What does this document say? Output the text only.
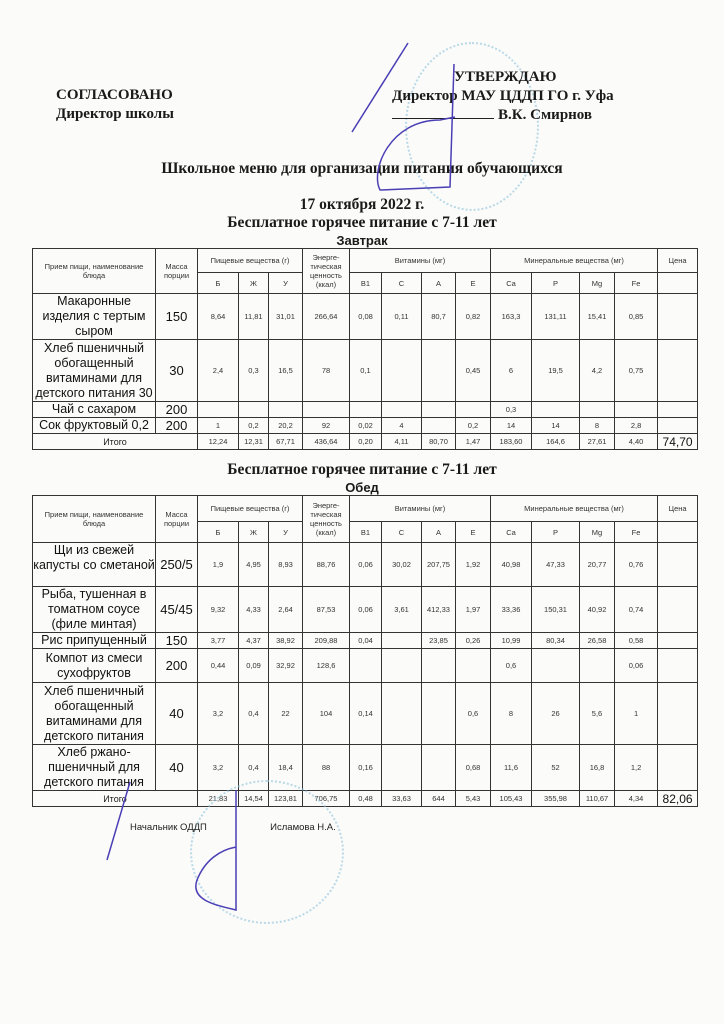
СОГЛАСОВАНО
Директор школы
УТВЕРЖДАЮ
Директор МАУ ЦДДП ГО г. Уфа
В.К. Смирнов
Школьное меню для организации питания обучающихся
17 октября 2022 г.
Бесплатное горячее питание с 7-11 лет
Завтрак
Прием пищи, наименование блюда	Масса порции	Пищевые вещества (г)			Энерге-тическая ценность (ккал)	Витамины (мг)				Минеральные вещества (мг)				Цена
		Б	Ж	У		B1	C	A	E	Ca	P	Mg	Fe	
Макаронные изделия с тертым сыром	150	8,64	11,81	31,01	266,64	0,08	0,11	80,7	0,82	163,3	131,11	15,41	0,85	
Хлеб пшеничный обогащенный витаминами для детского питания 30	30	2,4	0,3	16,5	78	0,1			0,45	6	19,5	4,2	0,75	
Чай с сахаром	200									0,3				
Сок фруктовый 0,2	200	1	0,2	20,2	92	0,02	4		0,2	14	14	8	2,8	
Итого		12,24	12,31	67,71	436,64	0,20	4,11	80,70	1,47	183,60	164,6	27,61	4,40	74,70
Бесплатное горячее питание с 7-11 лет
Обед
Прием пищи, наименование блюда	Масса порции	Пищевые вещества (г)			Энерге-тическая ценность (ккал)	Витамины (мг)				Минеральные вещества (мг)				Цена
		Б	Ж	У		B1	C	A	E	Ca	P	Mg	Fe	
Щи из свежей капусты со сметаной	250/5	1,9	4,95	8,93	88,76	0,06	30,02	207,75	1,92	40,98	47,33	20,77	0,76	
Рыба, тушенная в томатном соусе (филе минтая)	45/45	9,32	4,33	2,64	87,53	0,06	3,61	412,33	1,97	33,36	150,31	40,92	0,74	
Рис припущенный	150	3,77	4,37	38,92	209,88	0,04		23,85	0,26	10,99	80,34	26,58	0,58	
Компот из смеси сухофруктов	200	0,44	0,09	32,92	128,6					0,6			0,06	
Хлеб пшеничный обогащенный витаминами для детского питания	40	3,2	0,4	22	104	0,14			0,6	8	26	5,6	1	
Хлеб ржано-пшеничный для детского питания	40	3,2	0,4	18,4	88	0,16			0,68	11,6	52	16,8	1,2	
Итого		21,83	14,54	123,81	706,75	0,48	33,63	644	5,43	105,43	355,98	110,67	4,34	82,06
Начальник ОДДП	Исламова Н.А.
